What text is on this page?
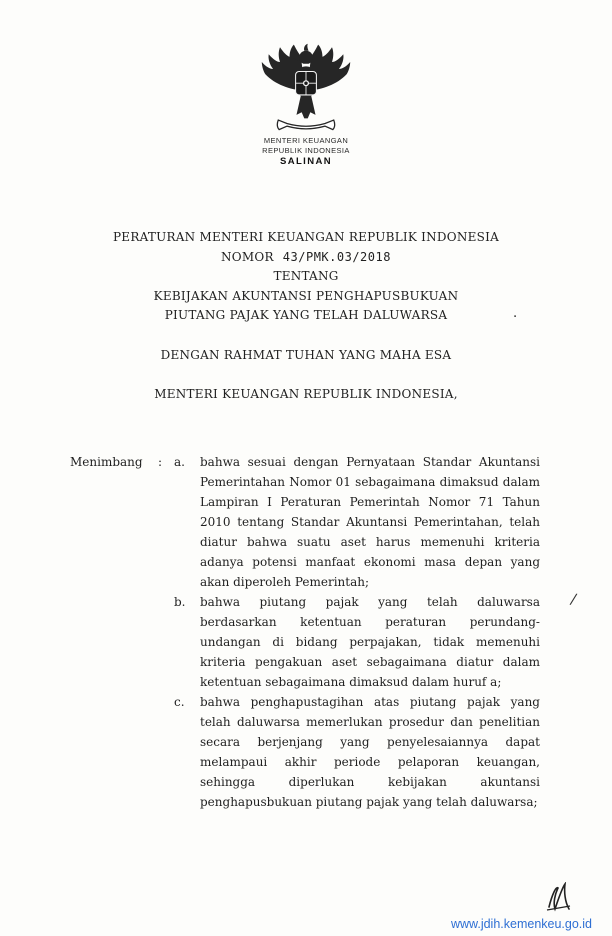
MENTERI KEUANGAN
REPUBLIK INDONESIA
SALINAN
PERATURAN MENTERI KEUANGAN REPUBLIK INDONESIA
NOMOR 43/PMK.03/2018
TENTANG
KEBIJAKAN AKUNTANSI PENGHAPUSBUKUAN
PIUTANG PAJAK YANG TELAH DALUWARSA
DENGAN RAHMAT TUHAN YANG MAHA ESA
MENTERI KEUANGAN REPUBLIK INDONESIA,
Menimbang	: a.	bahwa sesuai dengan Pernyataan Standar Akuntansi Pemerintahan Nomor 01 sebagaimana dimaksud dalam Lampiran I Peraturan Pemerintah Nomor 71 Tahun 2010 tentang Standar Akuntansi Pemerintahan, telah diatur bahwa suatu aset harus memenuhi kriteria adanya potensi manfaat ekonomi masa depan yang akan diperoleh Pemerintah;
b.	bahwa piutang pajak yang telah daluwarsa berdasarkan ketentuan peraturan perundang-undangan di bidang perpajakan, tidak memenuhi kriteria pengakuan aset sebagaimana diatur dalam ketentuan sebagaimana dimaksud dalam huruf a;
c.	bahwa penghapustagihan atas piutang pajak yang telah daluwarsa memerlukan prosedur dan penelitian secara berjenjang yang penyelesaiannya dapat melampaui akhir periode pelaporan keuangan, sehingga diperlukan kebijakan akuntansi penghapusbukuan piutang pajak yang telah daluwarsa;
.
/
www.jdih.kemenkeu.go.id
